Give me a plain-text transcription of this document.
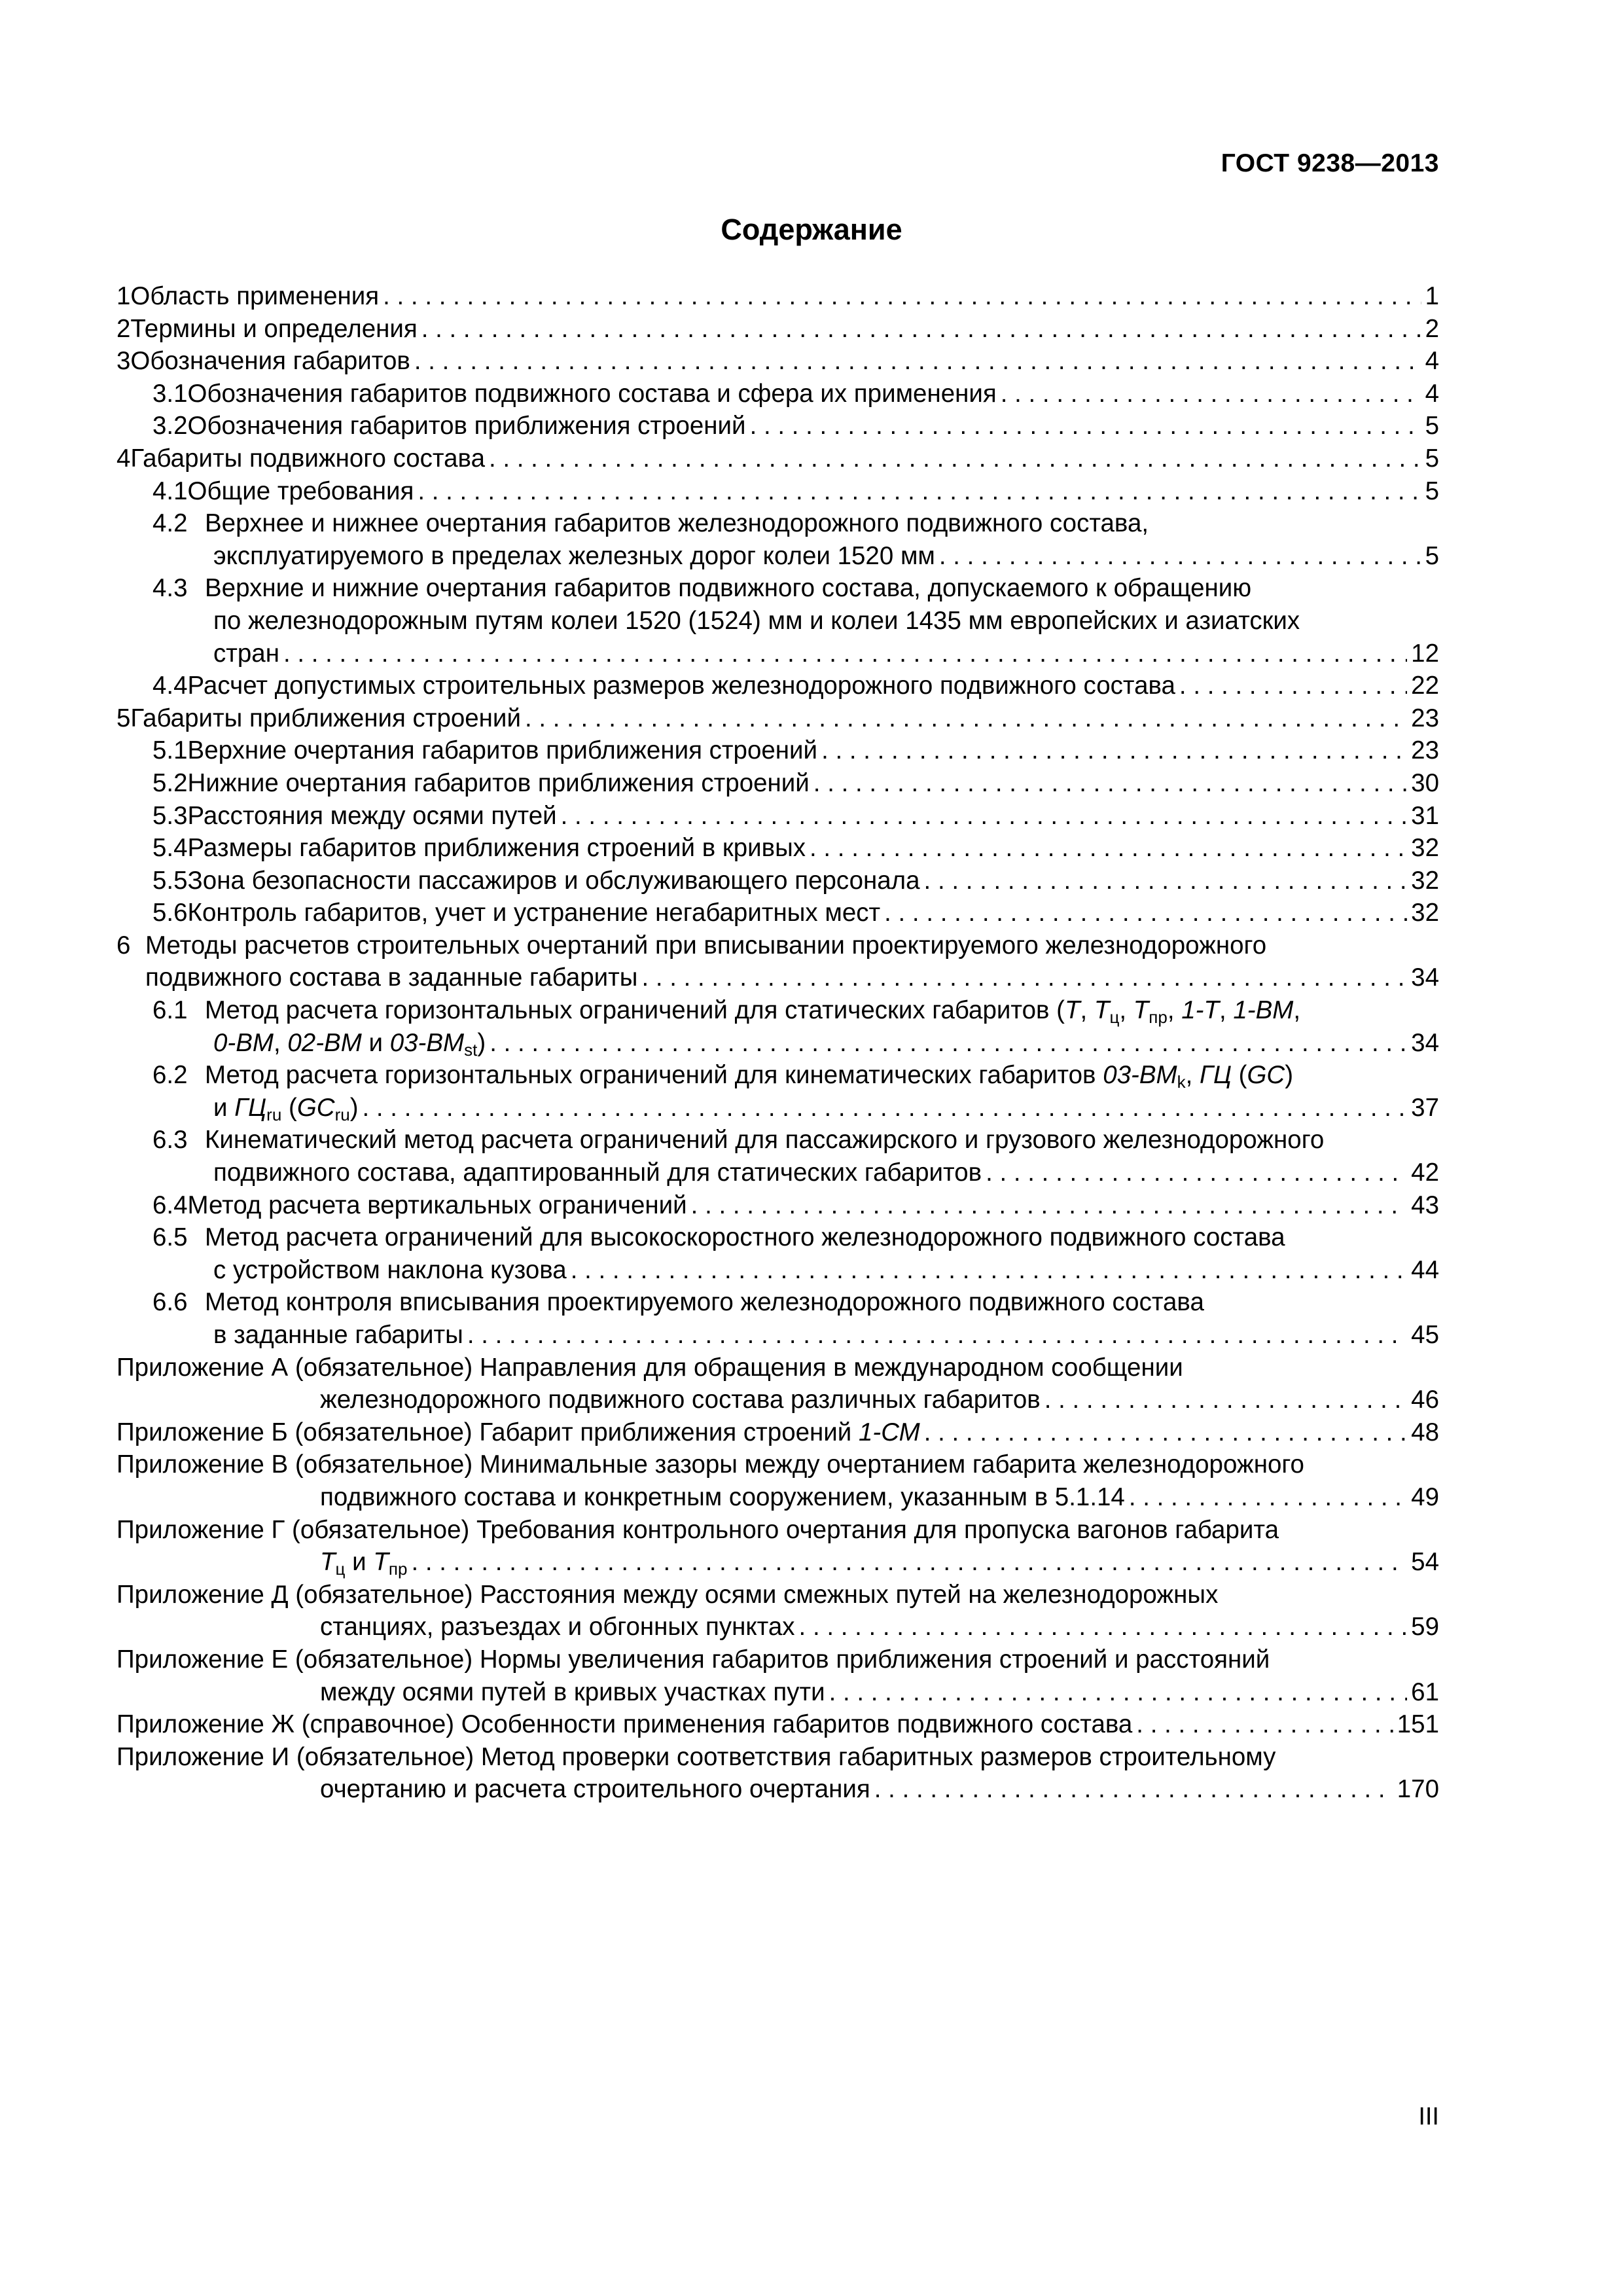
ГОСТ 9238—2013
Содержание
1 Область применения . . .	1
2 Термины и определения . . .	2
3 Обозначения габаритов . . .	4
3.1 Обозначения габаритов подвижного состава и сфера их применения . . .	4
3.2 Обозначения габаритов приближения строений . . .	5
4 Габариты подвижного состава . . .	5
4.1 Общие требования . . .	5
4.2 Верхнее и нижнее очертания габаритов железнодорожного подвижного состава,
эксплуатируемого в пределах железных дорог колеи 1520 мм . . .	5
4.3 Верхние и нижние очертания габаритов подвижного состава, допускаемого к обращению
по железнодорожным путям колеи 1520 (1524) мм и колеи 1435 мм европейских и азиатских
стран . . .	12
4.4 Расчет допустимых строительных размеров железнодорожного подвижного состава . . .	22
5 Габариты приближения строений . . .	23
5.1 Верхние очертания габаритов приближения строений . . .	23
5.2 Нижние очертания габаритов приближения строений . . .	30
5.3 Расстояния между осями путей . . .	31
5.4 Размеры габаритов приближения строений в кривых . . .	32
5.5 Зона безопасности пассажиров и обслуживающего персонала . . .	32
5.6 Контроль габаритов, учет и устранение негабаритных мест . . .	32
6 Методы расчетов строительных очертаний при вписывании проектируемого железнодорожного
подвижного состава в заданные габариты . . .	34
6.1 Метод расчета горизонтальных ограничений для статических габаритов (Т, $Т_ц$, $Т_{пр}$, 1-Т, 1-ВМ,
0-ВМ, 02-ВМ и $03-ВМ_{st}$) . . .	34
6.2 Метод расчета горизонтальных ограничений для кинематических габаритов $03-ВМ_k$, ГЦ (GC)
и $ГЦ_{ru}$ $(GC_{ru})$ . . .	37
6.3 Кинематический метод расчета ограничений для пассажирского и грузового железнодорожного
подвижного состава, адаптированный для статических габаритов . . .	42
6.4 Метод расчета вертикальных ограничений . . .	43
6.5 Метод расчета ограничений для высокоскоростного железнодорожного подвижного состава
с устройством наклона кузова . . .	44
6.6 Метод контроля вписывания проектируемого железнодорожного подвижного состава
в заданные габариты . . .	45
Приложение А (обязательное) Направления для обращения в международном сообщении
железнодорожного подвижного состава различных габаритов . . .	46
Приложение Б (обязательное) Габарит приближения строений 1-СМ . . .	48
Приложение В (обязательное) Минимальные зазоры между очертанием габарита железнодорожного
подвижного состава и конкретным сооружением, указанным в 5.1.14 . . .	49
Приложение Г (обязательное) Требования контрольного очертания для пропуска вагонов габарита
$Т_ц$ и $Т_{пр}$ . . .	54
Приложение Д (обязательное) Расстояния между осями смежных путей на железнодорожных
станциях, разъездах и обгонных пунктах . . .	59
Приложение Е (обязательное) Нормы увеличения габаритов приближения строений и расстояний
между осями путей в кривых участках пути . . .	61
Приложение Ж (справочное) Особенности применения габаритов подвижного состава . . .	151
Приложение И (обязательное) Метод проверки соответствия габаритных размеров строительному
очертанию и расчета строительного очертания . . .	170
III
